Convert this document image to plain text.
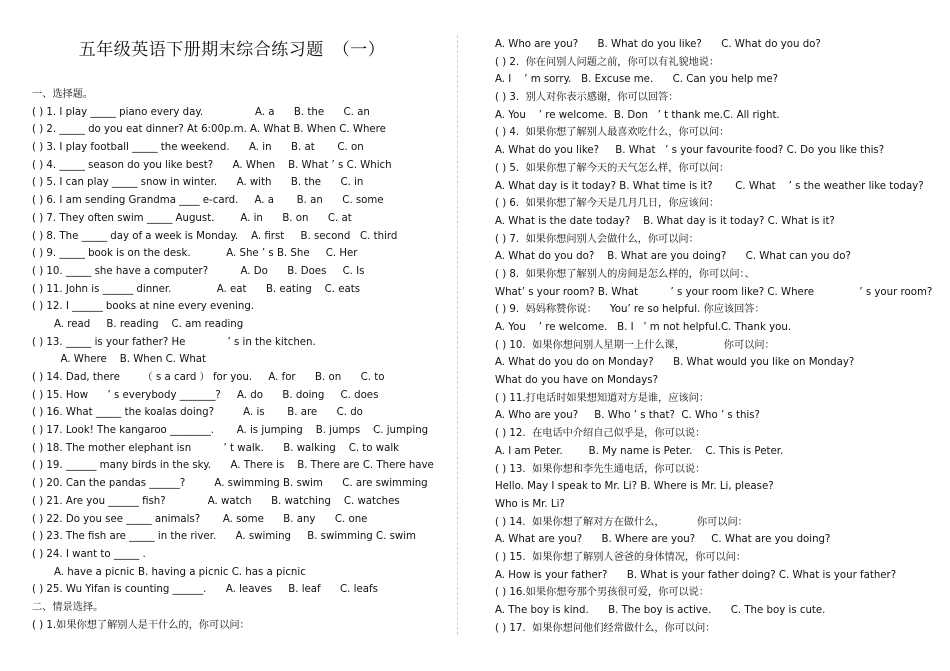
五年级英语下册期末综合练习题　（一）
一、选择题。
( ) 1. I play _____ piano every day.                A. a      B. the      C. an
( ) 2. _____ do you eat dinner? At 6:00p.m. A. What B. When C. Where
( ) 3. I play football _____ the weekend.      A. in      B. at       C. on
( ) 4. _____ season do you like best?      A. When    B. What ’ s C. Which
( ) 5. I can play _____ snow in winter.      A. with      B. the      C. in
( ) 6. I am sending Grandma ____ e-card.     A. a       B. an      C. some
( ) 7. They often swim _____ August.        A. in      B. on      C. at
( ) 8. The _____ day of a week is Monday.    A. first     B. second   C. third
( ) 9. _____ book is on the desk.           A. She ’ s B. She     C. Her
( ) 10. _____ she have a computer?          A. Do      B. Does     C. Is
( ) 11. John is ______ dinner.              A. eat      B. eating    C. eats
( ) 12. I ______ books at nine every evening.
A. read     B. reading    C. am reading
( ) 13. _____ is your father? He             ’ s in the kitchen.
A. Where    B. When C. What
( ) 14. Dad, there       （ s a card ） for you.     A. for      B. on      C. to
( ) 15. How      ’ s everybody _______?     A. do      B. doing     C. does
( ) 16. What _____ the koalas doing?         A. is       B. are      C. do
( ) 17. Look! The kangaroo ________.       A. is jumping    B. jumps    C. jumping
( ) 18. The mother elephant isn          ’ t walk.      B. walking    C. to walk
( ) 19. ______ many birds in the sky.      A. There is    B. There are C. There have
( ) 20. Can the pandas ______?         A. swimming B. swim      C. are swimming
( ) 21. Are you ______ fish?             A. watch      B. watching    C. watches
( ) 22. Do you see _____ animals?       A. some      B. any      C. one
( ) 23. The fish are _____ in the river.      A. swiming     B. swimming C. swim
( ) 24. I want to _____ .
A. have a picnic B. having a picnic C. has a picnic
( ) 25. Wu Yifan is counting ______.      A. leaves     B. leaf      C. leafs
二、情景选择。
( ) 1.如果你想了解别人是干什么的，你可以问：
A. Who are you?      B. What do you like?      C. What do you do?
( ) 2.  你在问别人问题之前，你可以有礼貌地说：
A. I    ’ m sorry.   B. Excuse me.      C. Can you help me?
( ) 3.  别人对你表示感谢，你可以回答：
A. You    ’ re welcome.  B. Don   ’ t thank me.C. All right.
( ) 4.  如果你想了解别人最喜欢吃什么，你可以问：
A. What do you like?     B. What   ’ s your favourite food? C. Do you like this?
( ) 5.  如果你想了解今天的天气怎么样，你可以问：
A. What day is it today? B. What time is it?       C. What    ’ s the weather like today?
( ) 6.  如果你想了解今天是几月几日，你应该问：
A. What is the date today?    B. What day is it today? C. What is it?
( ) 7.  如果你想问别人会做什么，你可以问：
A. What do you do?    B. What are you doing?      C. What can you do?
( ) 8.  如果你想了解别人的房间是怎么样的，你可以问：、
What’ s your room? B. What          ’ s your room like? C. Where              ’ s your room?
( ) 9.  妈妈称赞你说：    You’ re so helpful. 你应该回答：
A. You    ’ re welcome.   B. I   ’ m not helpful.C. Thank you.
( ) 10.  如果你想问别人星期一上什么课，            你可以问：
A. What do you do on Monday?      B. What would you like on Monday?
What do you have on Mondays?
( ) 11.打电话时如果想知道对方是谁，应该问：
A. Who are you?     B. Who ’ s that?  C. Who ’ s this?
( ) 12.  在电话中介绍自己似乎是，你可以说：
A. I am Peter.        B. My name is Peter.    C. This is Peter.
( ) 13.  如果你想和李先生通电话，你可以说：
Hello. May I speak to Mr. Li? B. Where is Mr. Li, please?
Who is Mr. Li?
( ) 14.  如果你想了解对方在做什么，          你可以问：
A. What are you?      B. Where are you?     C. What are you doing?
( ) 15.  如果你想了解别人爸爸的身体情况，你可以问：
A. How is your father?      B. What is your father doing? C. What is your father?
( ) 16.如果你想夸那个男孩很可爱，你可以说：
A. The boy is kind.      B. The boy is active.      C. The boy is cute.
( ) 17.  如果你想问他们经常做什么，你可以问：
